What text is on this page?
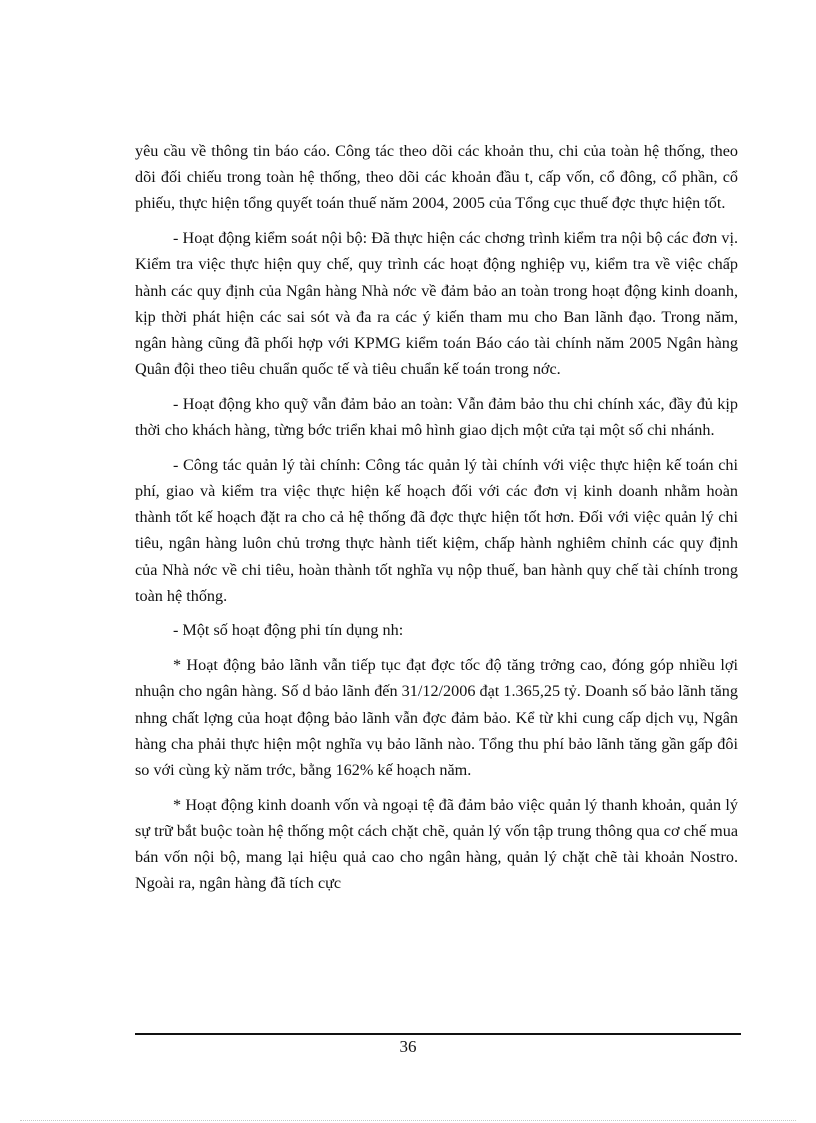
yêu cầu về thông tin báo cáo. Công tác theo dõi các khoản thu, chi của toàn hệ thống, theo dõi đối chiếu trong toàn hệ thống, theo dõi các khoản đầu t, cấp vốn, cổ đông, cổ phần, cổ phiếu, thực hiện tổng quyết toán thuế năm 2004, 2005 của Tổng cục thuế đợc thực hiện tốt.

- Hoạt động kiểm soát nội bộ: Đã thực hiện các chơng trình kiểm tra nội bộ các đơn vị. Kiểm tra việc thực hiện quy chế, quy trình các hoạt động nghiệp vụ, kiểm tra về việc chấp hành các quy định của Ngân hàng Nhà nớc về đảm bảo an toàn trong hoạt động kinh doanh, kịp thời phát hiện các sai sót và đa ra các ý kiến tham mu cho Ban lãnh đạo. Trong năm, ngân hàng cũng đã phối hợp với KPMG kiểm toán Báo cáo tài chính năm 2005 Ngân hàng Quân đội theo tiêu chuẩn quốc tế và tiêu chuẩn kế toán trong nớc.

- Hoạt động kho quỹ vẫn đảm bảo an toàn: Vẫn đảm bảo thu chi chính xác, đầy đủ kịp thời cho khách hàng, từng bớc triển khai mô hình giao dịch một cửa tại một số chi nhánh.

- Công tác quản lý tài chính: Công tác quản lý tài chính với việc thực hiện kế toán chi phí, giao và kiểm tra việc thực hiện kế hoạch đối với các đơn vị kinh doanh nhằm hoàn thành tốt kế hoạch đặt ra cho cả hệ thống đã đợc thực hiện tốt hơn. Đối với việc quản lý chi tiêu, ngân hàng luôn chủ trơng thực hành tiết kiệm, chấp hành nghiêm chỉnh các quy định của Nhà nớc về chi tiêu, hoàn thành tốt nghĩa vụ nộp thuế, ban hành quy chế tài chính trong toàn hệ thống.

- Một số hoạt động phi tín dụng nh:

* Hoạt động bảo lãnh vẫn tiếp tục đạt đợc tốc độ tăng trởng cao, đóng góp nhiều lợi nhuận cho ngân hàng. Số d bảo lãnh đến 31/12/2006 đạt 1.365,25 tỷ. Doanh số bảo lãnh tăng nhng chất lợng của hoạt động bảo lãnh vẫn đợc đảm bảo. Kể từ khi cung cấp dịch vụ, Ngân hàng cha phải thực hiện một nghĩa vụ bảo lãnh nào. Tổng thu phí bảo lãnh tăng gần gấp đôi so với cùng kỳ năm trớc, bằng 162% kế hoạch năm.

* Hoạt động kinh doanh vốn và ngoại tệ đã đảm bảo việc quản lý thanh khoản, quản lý sự trữ bắt buộc toàn hệ thống một cách chặt chẽ, quản lý vốn tập trung thông qua cơ chế mua bán vốn nội bộ, mang lại hiệu quả cao cho ngân hàng, quản lý chặt chẽ tài khoản Nostro. Ngoài ra, ngân hàng đã tích cực

36
